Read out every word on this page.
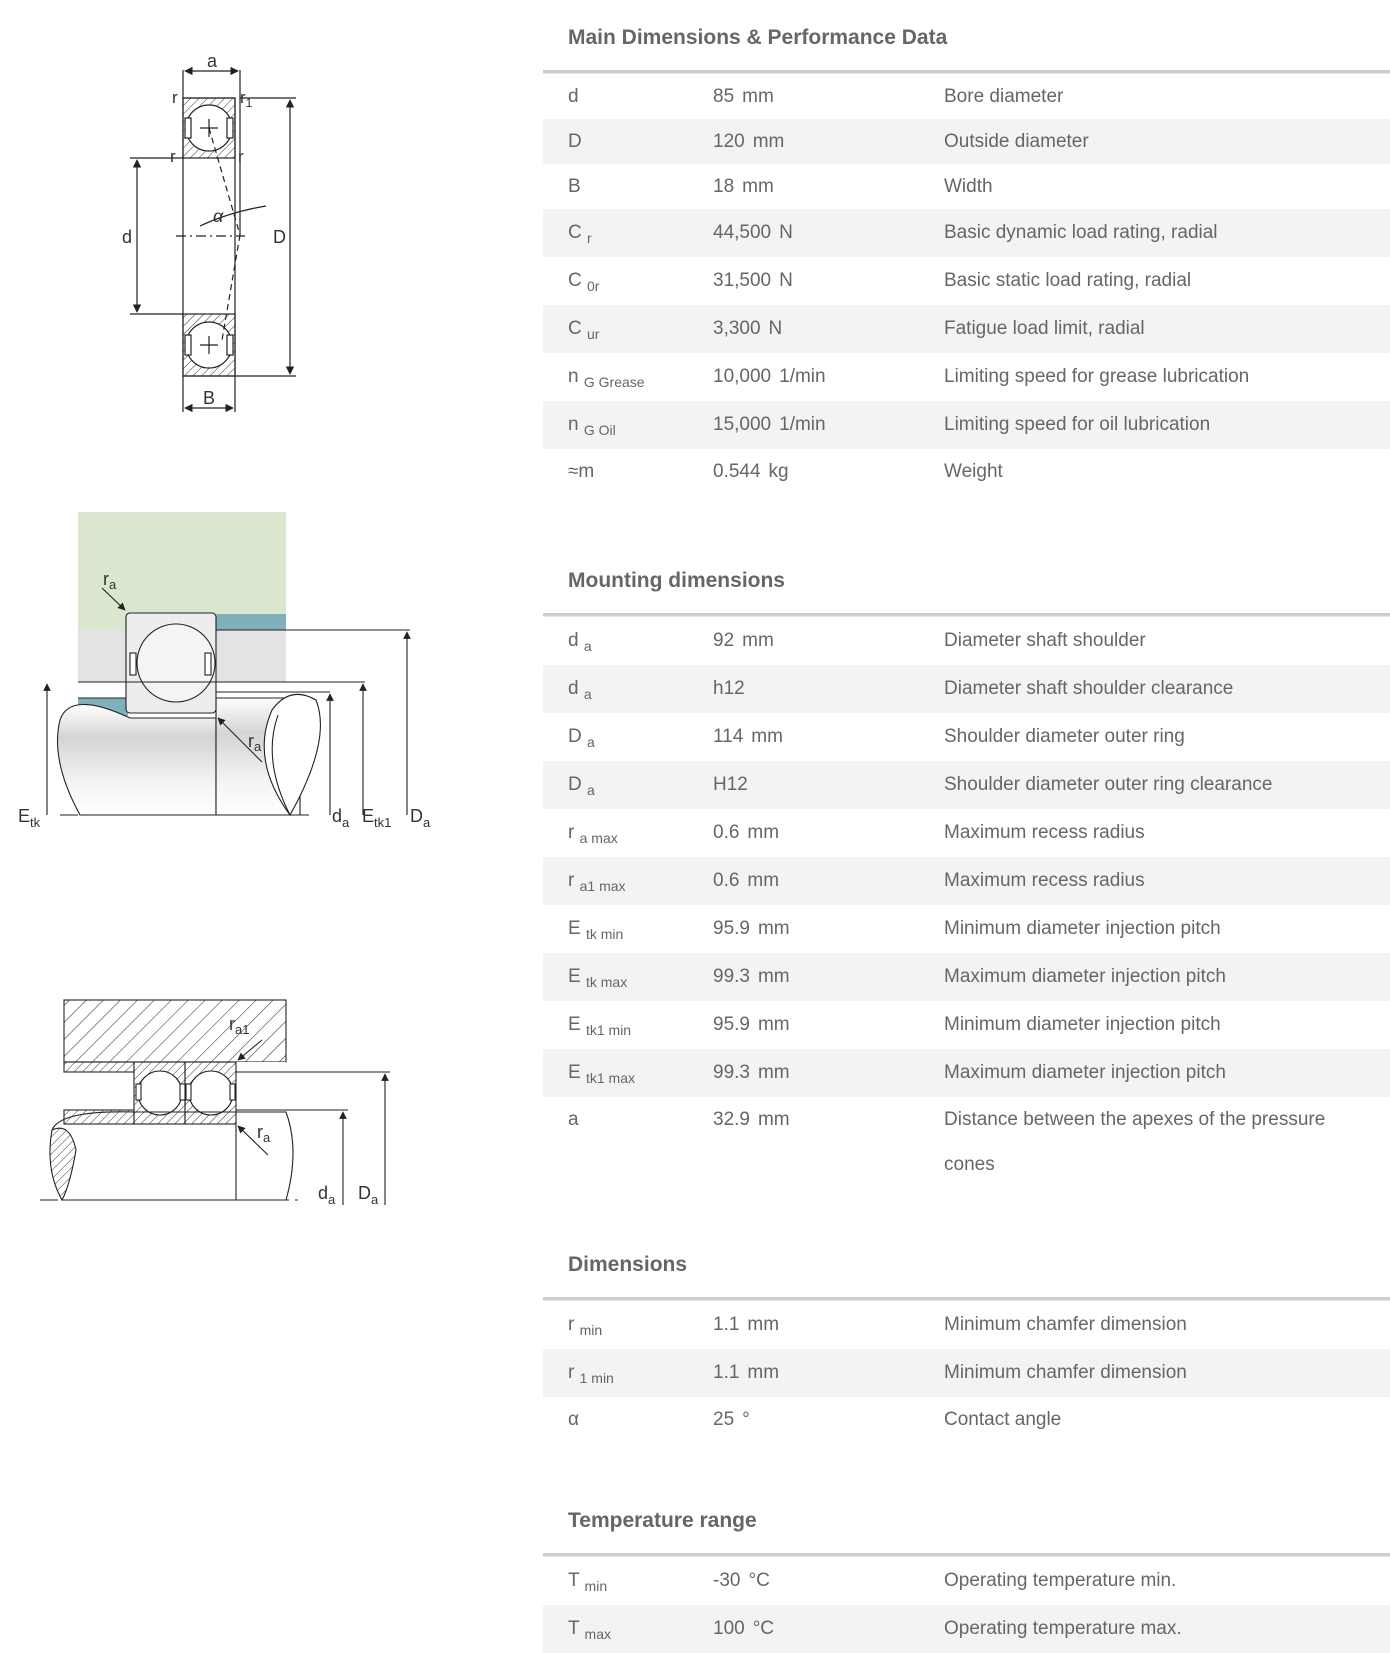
a
r	$r_1$
r	r
α
d	D
B
$r_a$
$r_a$
$E_{tk}$	$d_a$ $E_{tk1}$ $D_a$
$r_{a1}$
$r_a$
$d_a$ $D_a$
Main Dimensions & Performance Data
d	85 mm	Bore diameter
D	120 mm	Outside diameter
B	18 mm	Width
C $_r$	44,500 N	Basic dynamic load rating, radial
C $_{0r}$	31,500 N	Basic static load rating, radial
C $_{ur}$	3,300 N	Fatigue load limit, radial
n $_{G Grease}$	10,000 1/min	Limiting speed for grease lubrication
n $_{G Oil}$	15,000 1/min	Limiting speed for oil lubrication
≈m	0.544 kg	Weight
Mounting dimensions
d $_a$	92 mm	Diameter shaft shoulder
d $_a$	h12	Diameter shaft shoulder clearance
D $_a$	114 mm	Shoulder diameter outer ring
D $_a$	H12	Shoulder diameter outer ring clearance
r $_{a max}$	0.6 mm	Maximum recess radius
r $_{a1 max}$	0.6 mm	Maximum recess radius
E $_{tk min}$	95.9 mm	Minimum diameter injection pitch
E $_{tk max}$	99.3 mm	Maximum diameter injection pitch
E $_{tk1 min}$	95.9 mm	Minimum diameter injection pitch
E $_{tk1 max}$	99.3 mm	Maximum diameter injection pitch
a	32.9 mm	Distance between the apexes of the pressure cones
Dimensions
r $_{min}$	1.1 mm	Minimum chamfer dimension
r $_{1 min}$	1.1 mm	Minimum chamfer dimension
α	25 °	Contact angle
Temperature range
T $_{min}$	-30 °C	Operating temperature min.
T $_{max}$	100 °C	Operating temperature max.
